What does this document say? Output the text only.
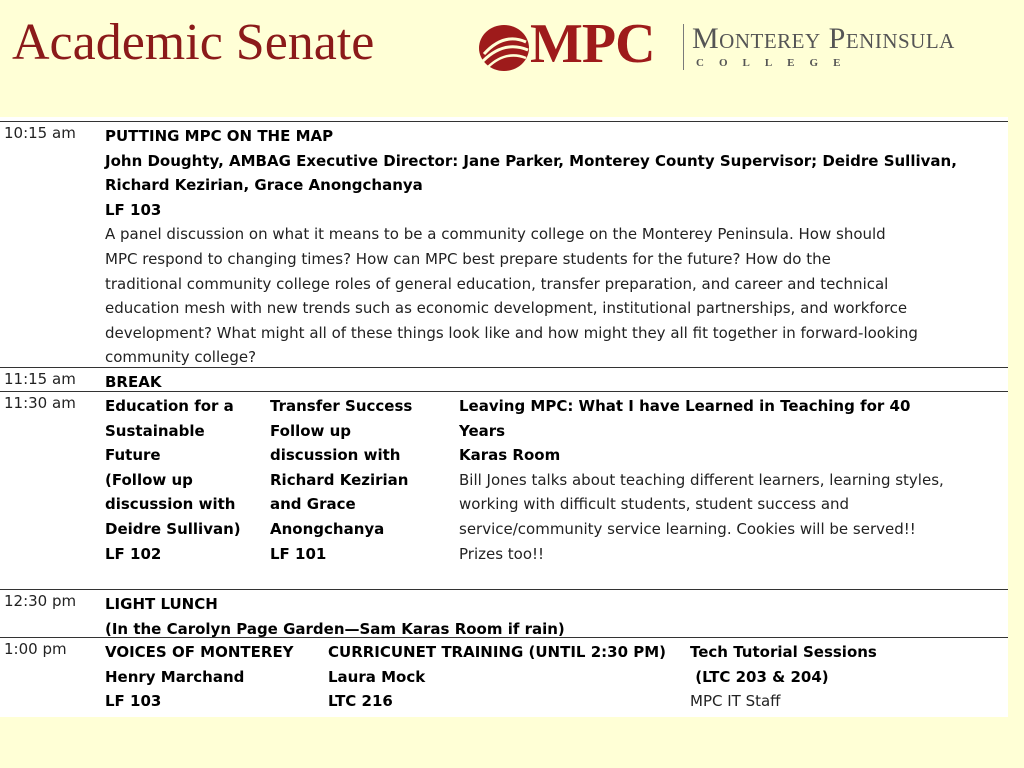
Academic Senate	MPC Monterey Peninsula
COLLEGE
10:15 am PUTTING MPC ON THE MAP
John Doughty, AMBAG Executive Director: Jane Parker, Monterey County Supervisor; Deidre Sullivan,
Richard Kezirian, Grace Anongchanya
LF 103
A panel discussion on what it means to be a community college on the Monterey Peninsula. How should
MPC respond to changing times? How can MPC best prepare students for the future? How do the
traditional community college roles of general education, transfer preparation, and career and technical
education mesh with new trends such as economic development, institutional partnerships, and workforce
development? What might all of these things look like and how might they all fit together in forward-looking
community college?
11:15 am BREAK
11:30 am Education for a
Sustainable
Future
(Follow up
discussion with
Deidre Sullivan)
LF 102
Transfer Success
Follow up
discussion with
Richard Kezirian
and Grace
Anongchanya
LF 101
Leaving MPC: What I have Learned in Teaching for 40
Years
Karas Room
Bill Jones talks about teaching different learners, learning styles,
working with difficult students, student success and
service/community service learning. Cookies will be served!!
Prizes too!!
12:30 pm LIGHT LUNCH
(In the Carolyn Page Garden—Sam Karas Room if rain)
1:00 pm	VOICES OF MONTEREY
Henry Marchand
LF 103
CURRICUNET TRAINING (UNTIL 2:30 PM)
Laura Mock
LTC 216
Tech Tutorial Sessions
(LTC 203 & 204)
MPC IT Staff
